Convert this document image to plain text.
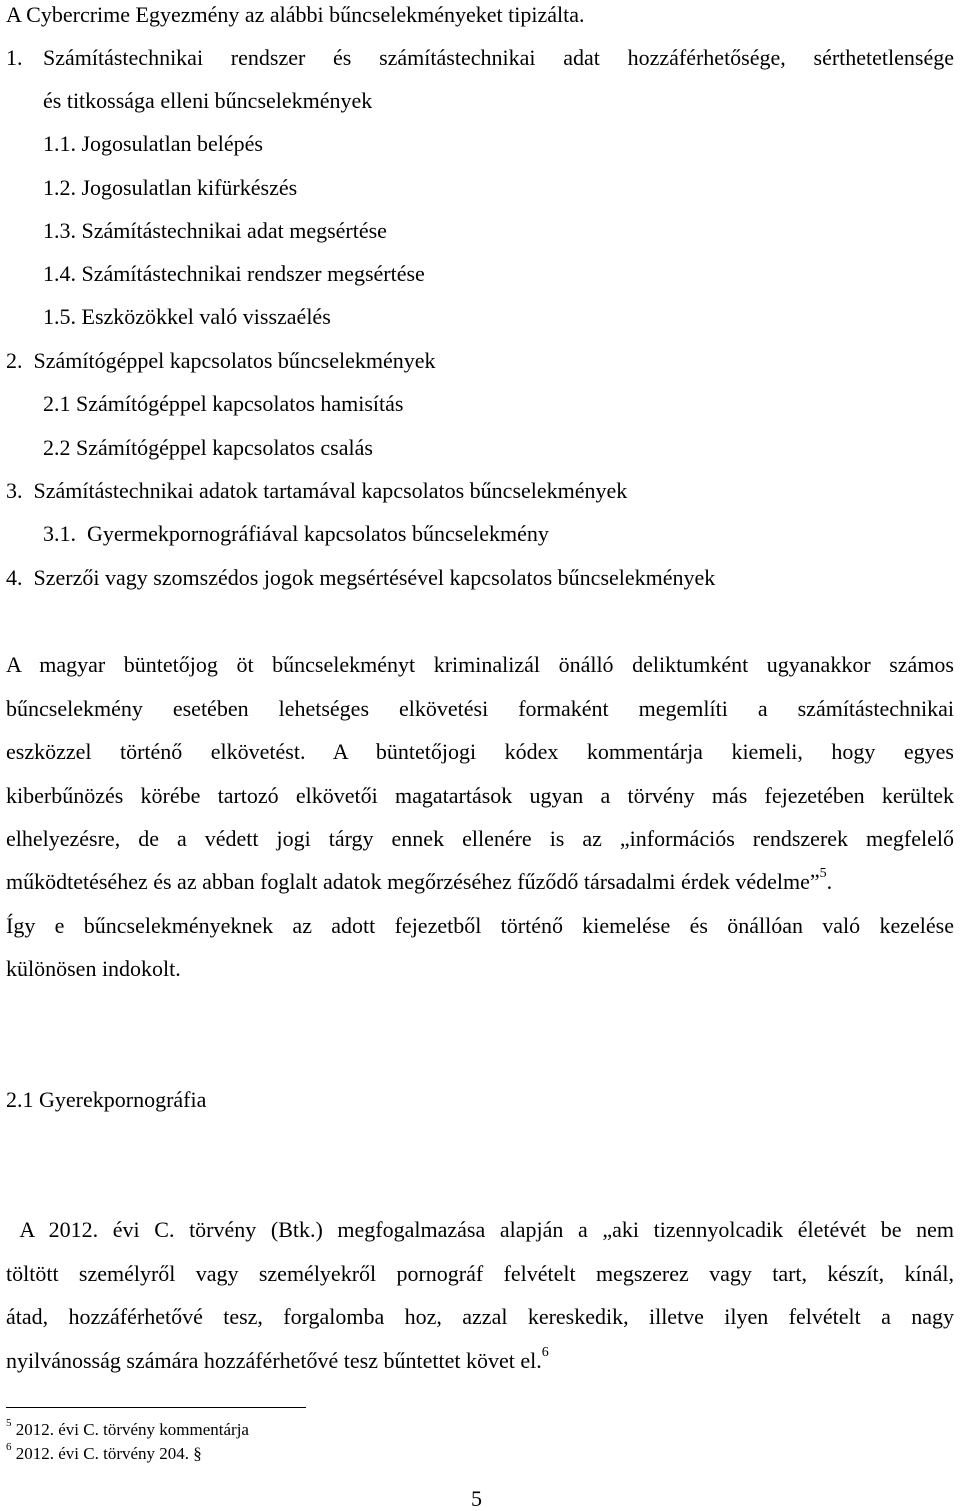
A Cybercrime Egyezmény az alábbi bűncselekményeket tipizálta.
1. Számítástechnikai rendszer és számítástechnikai adat hozzáférhetősége, sérthetetlensége
és titkossága elleni bűncselekmények
1.1. Jogosulatlan belépés
1.2. Jogosulatlan kifürkészés
1.3. Számítástechnikai adat megsértése
1.4. Számítástechnikai rendszer megsértése
1.5. Eszközökkel való visszaélés
2.  Számítógéppel kapcsolatos bűncselekmények
2.1 Számítógéppel kapcsolatos hamisítás
2.2 Számítógéppel kapcsolatos csalás
3.  Számítástechnikai adatok tartamával kapcsolatos bűncselekmények
3.1.  Gyermekpornográfiával kapcsolatos bűncselekmény
4.  Szerzői vagy szomszédos jogok megsértésével kapcsolatos bűncselekmények
A magyar büntetőjog öt bűncselekményt kriminalizál önálló deliktumként ugyanakkor számos
bűncselekmény esetében lehetséges elkövetési formaként megemlíti a számítástechnikai
eszközzel történő elkövetést. A büntetőjogi kódex kommentárja kiemeli, hogy egyes
kiberbűnözés körébe tartozó elkövetői magatartások ugyan a törvény más fejezetében kerültek
elhelyezésre, de a védett jogi tárgy ennek ellenére is az „információs rendszerek megfelelő
működtetéséhez és az abban foglalt adatok megőrzéséhez fűződő társadalmi érdek védelme”$^5$.
Így e bűncselekményeknek az adott fejezetből történő kiemelése és önállóan való kezelése
különösen indokolt.
2.1 Gyerekpornográfia
A 2012. évi C. törvény (Btk.) megfogalmazása alapján a „aki tizennyolcadik életévét be nem
töltött személyről vagy személyekről pornográf felvételt megszerez vagy tart, készít, kínál,
átad, hozzáférhetővé tesz, forgalomba hoz, azzal kereskedik, illetve ilyen felvételt a nagy
nyilvánosság számára hozzáférhetővé tesz bűntettet követ el.$^6$
$^5$ 2012. évi C. törvény kommentárja
$^6$ 2012. évi C. törvény 204. §
5
